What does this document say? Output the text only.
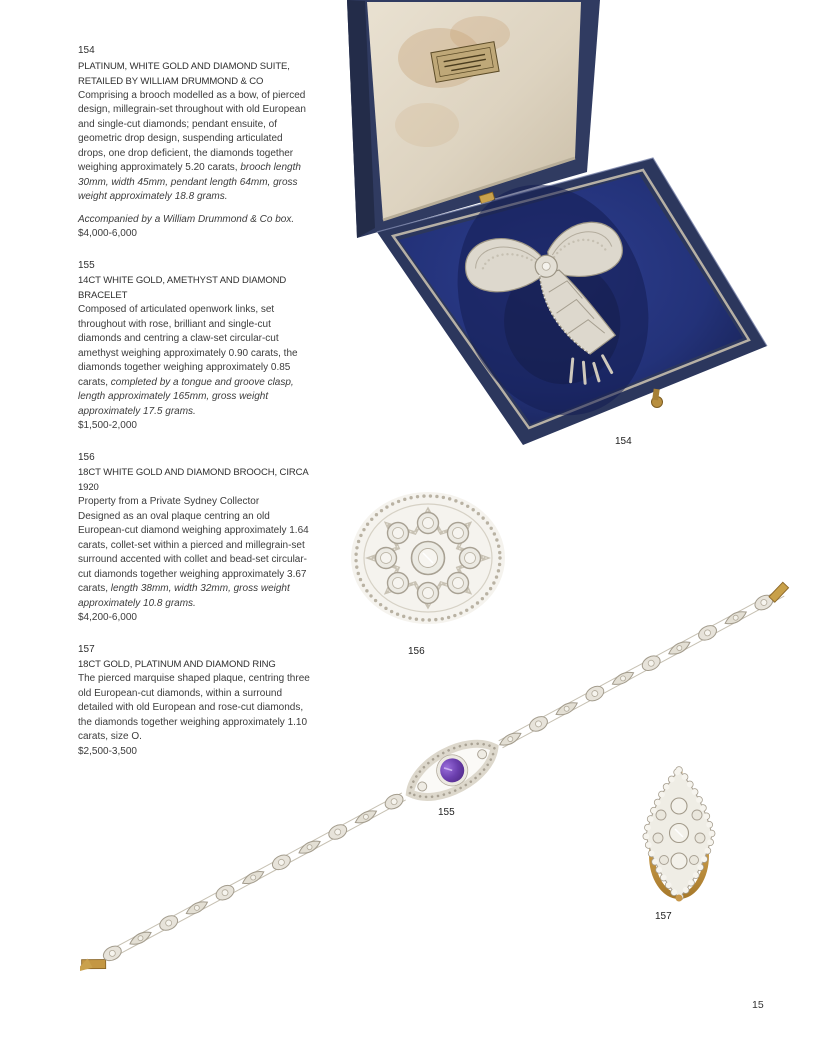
154
PLATINUM, WHITE GOLD AND DIAMOND SUITE, RETAILED BY WILLIAM DRUMMOND & CO

Comprising a brooch modelled as a bow, of pierced design, millegrain-set throughout with old European and single-cut diamonds; pendant ensuite, of geometric drop design, suspending articulated drops, one drop deficient, the diamonds together weighing approximately 5.20 carats, brooch length 30mm, width 45mm, pendant length 64mm, gross weight approximately 18.8 grams.

Accompanied by a William Drummond & Co box.
$4,000-6,000
155
14CT WHITE GOLD, AMETHYST AND DIAMOND BRACELET

Composed of articulated openwork links, set throughout with rose, brilliant and single-cut diamonds and centring a claw-set circular-cut amethyst weighing approximately 0.90 carats, the diamonds together weighing approximately 0.85 carats, completed by a tongue and groove clasp, length approximately 165mm, gross weight approximately 17.5 grams.

$1,500-2,000
156
18CT WHITE GOLD AND DIAMOND BROOCH, CIRCA 1920
Property from a Private Sydney Collector

Designed as an oval plaque centring an old European-cut diamond weighing approximately 1.64 carats, collet-set within a pierced and millegrain-set surround accented with collet and bead-set circular-cut diamonds together weighing approximately 3.67 carats, length 38mm, width 32mm, gross weight approximately 10.8 grams.

$4,200-6,000
157
18CT GOLD, PLATINUM AND DIAMOND RING

The pierced marquise shaped plaque, centring three old European-cut diamonds, within a surround detailed with old European and rose-cut diamonds, the diamonds together weighing approximately 1.10 carats, size O.

$2,500-3,500
154
156
155
157
15
